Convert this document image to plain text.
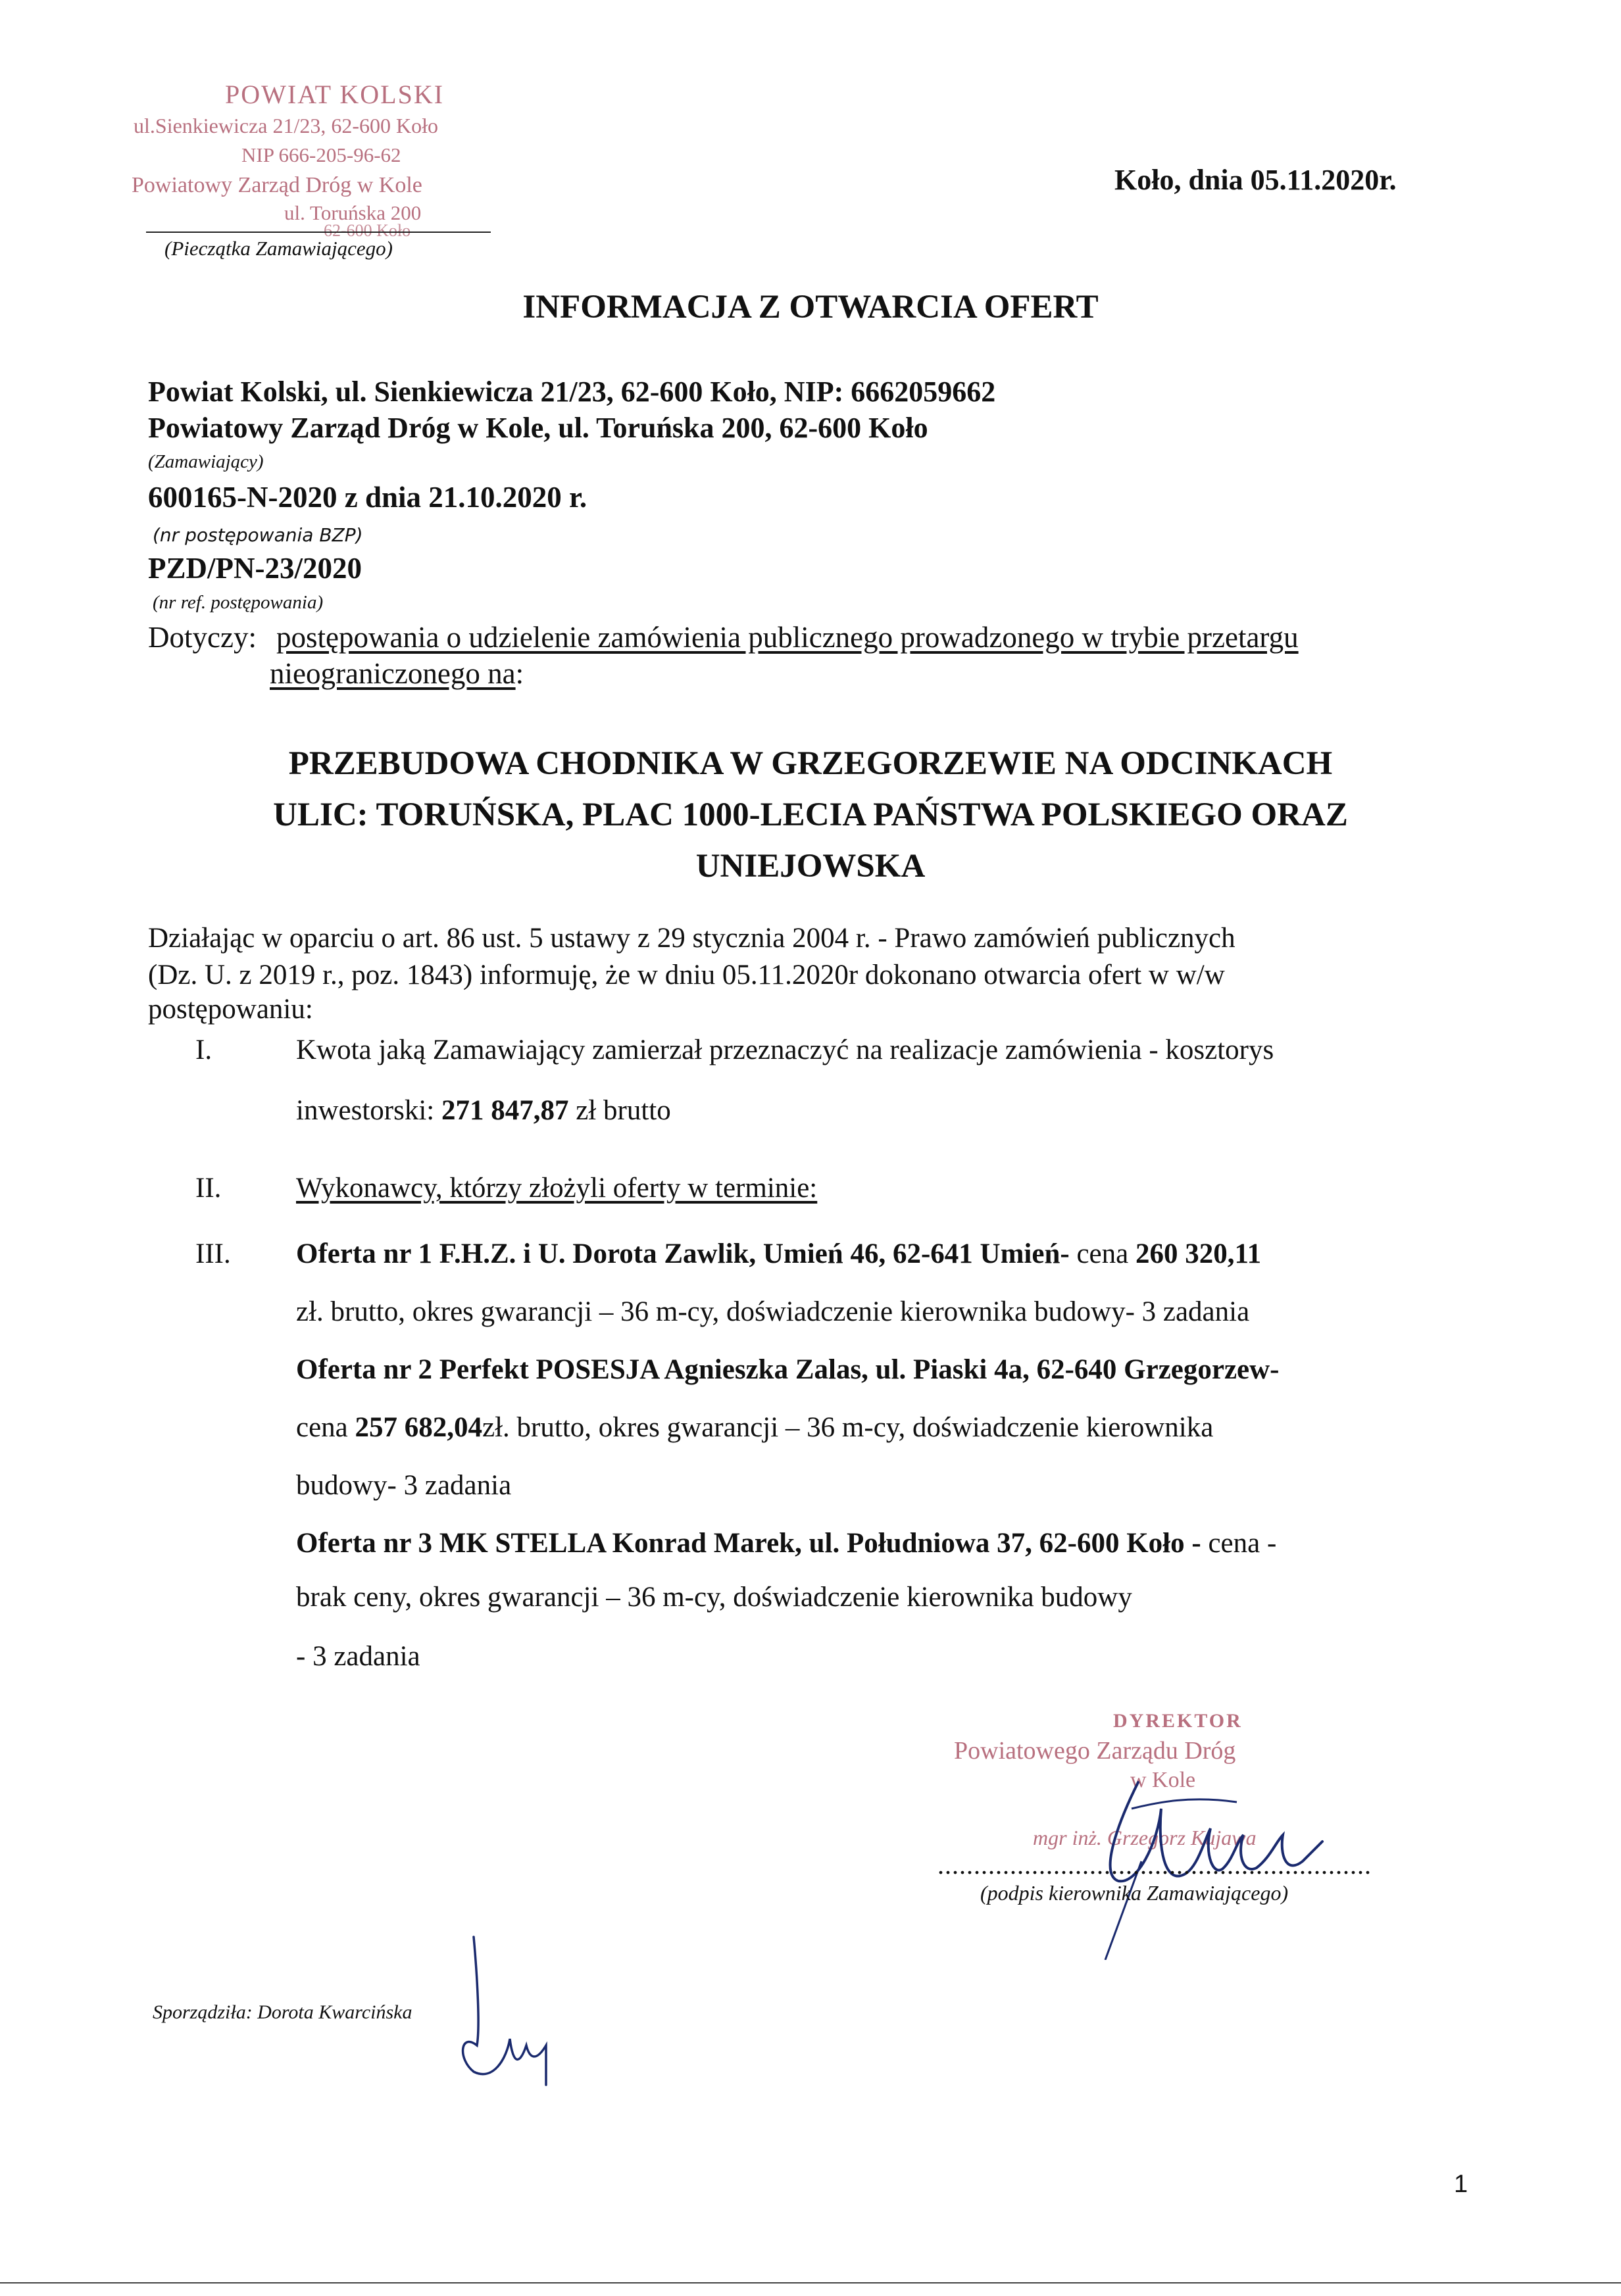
POWIAT KOLSKI
ul.Sienkiewicza 21/23, 62-600 Koło
NIP 666-205-96-62
Powiatowy Zarząd Dróg w Kole
ul. Toruńska 200
62-600 Koło
(Pieczątka Zamawiającego)
Koło, dnia 05.11.2020r.
INFORMACJA Z OTWARCIA OFERT
Powiat Kolski, ul. Sienkiewicza 21/23, 62-600 Koło, NIP: 6662059662
Powiatowy Zarząd Dróg w Kole, ul. Toruńska 200, 62-600 Koło
(Zamawiający)
600165-N-2020 z dnia 21.10.2020 r.
(nr postępowania BZP)
PZD/PN-23/2020
(nr ref. postępowania)
Dotyczy: postępowania o udzielenie zamówienia publicznego prowadzonego w trybie przetargu
nieograniczonego na:
PRZEBUDOWA CHODNIKA W GRZEGORZEWIE NA ODCINKACH
ULIC: TORUŃSKA, PLAC 1000-LECIA PAŃSTWA POLSKIEGO ORAZ
UNIEJOWSKA
Działając w oparciu o art. 86 ust. 5 ustawy z 29 stycznia 2004 r. - Prawo zamówień publicznych
(Dz. U. z 2019 r., poz. 1843) informuję, że w dniu 05.11.2020r dokonano otwarcia ofert w w/w
postępowaniu:
I.	Kwota jaką Zamawiający zamierzał przeznaczyć na realizacje zamówienia - kosztorys
inwestorski: 271 847,87 zł brutto
II.	Wykonawcy, którzy złożyli oferty w terminie:
III. Oferta nr 1 F.H.Z. i U. Dorota Zawlik, Umień 46, 62-641 Umień- cena 260 320,11
zł. brutto, okres gwarancji – 36 m-cy, doświadczenie kierownika budowy- 3 zadania
Oferta nr 2 Perfekt POSESJA Agnieszka Zalas, ul. Piaski 4a, 62-640 Grzegorzew-
cena 257 682,04zł. brutto, okres gwarancji – 36 m-cy, doświadczenie kierownika
budowy- 3 zadania
Oferta nr 3 MK STELLA Konrad Marek, ul. Południowa 37, 62-600 Koło - cena -
brak ceny, okres gwarancji – 36 m-cy, doświadczenie kierownika budowy
- 3 zadania
DYREKTOR
Powiatowego Zarządu Dróg
w Kole
mgr inż. Grzegorz Kujawa
............................................................
(podpis kierownika Zamawiającego)
Sporządziła: Dorota Kwarcińska
1
